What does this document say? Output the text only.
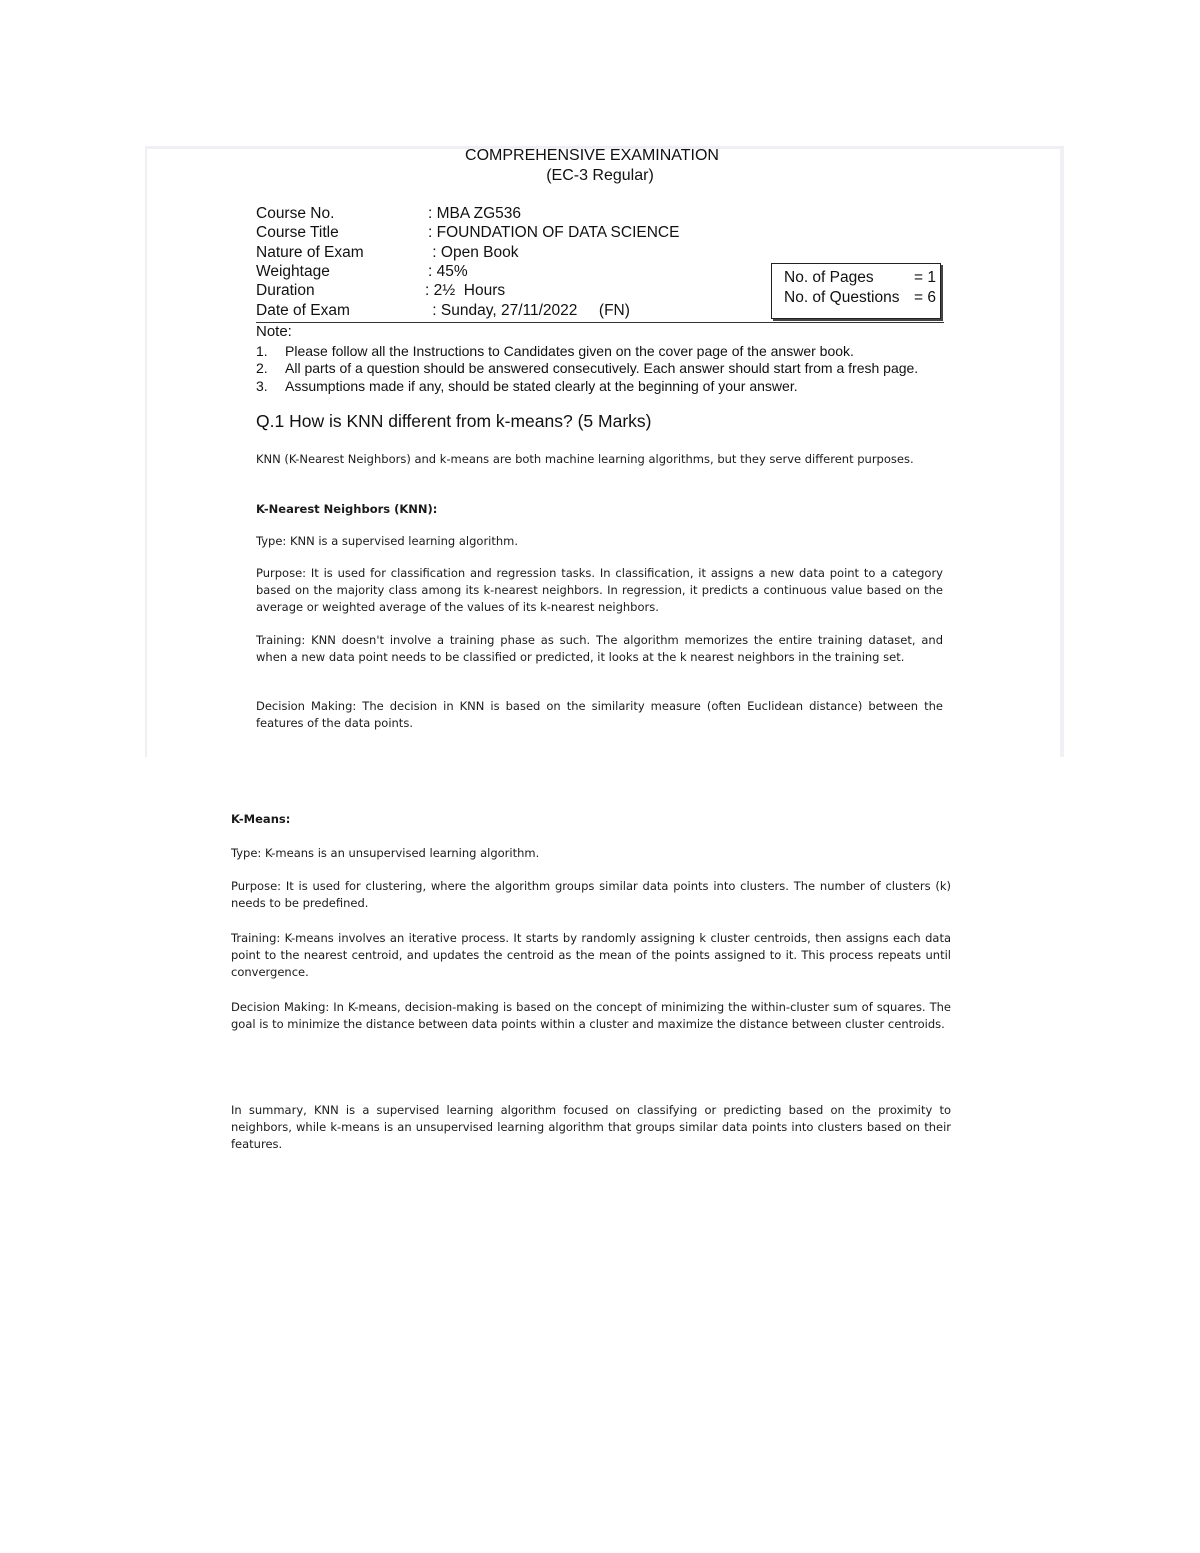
COMPREHENSIVE EXAMINATION
(EC-3 Regular)
Course No.	: MBA ZG536
Course Title	: FOUNDATION OF DATA SCIENCE
Nature of Exam	: Open Book
Weightage	: 45%
Duration	: 2½  Hours
Date of Exam	: Sunday, 27/11/2022     (FN)
No. of Pages	= 1
No. of Questions = 6
Note:
1. Please follow all the Instructions to Candidates given on the cover page of the answer book.
2. All parts of a question should be answered consecutively. Each answer should start from a fresh page.
3. Assumptions made if any, should be stated clearly at the beginning of your answer.
Q.1 How is KNN different from k-means? (5 Marks)
KNN (K-Nearest Neighbors) and k-means are both machine learning algorithms, but they serve different purposes.
K-Nearest Neighbors (KNN):
Type: KNN is a supervised learning algorithm.
Purpose: It is used for classification and regression tasks. In classification, it assigns a new data point to a category based on the majority class among its k-nearest neighbors. In regression, it predicts a continuous value based on the average or weighted average of the values of its k-nearest neighbors.
Training: KNN doesn't involve a training phase as such. The algorithm memorizes the entire training dataset, and when a new data point needs to be classified or predicted, it looks at the k nearest neighbors in the training set.
Decision Making: The decision in KNN is based on the similarity measure (often Euclidean distance) between the features of the data points.
K-Means:
Type: K-means is an unsupervised learning algorithm.
Purpose: It is used for clustering, where the algorithm groups similar data points into clusters. The number of clusters (k) needs to be predefined.
Training: K-means involves an iterative process. It starts by randomly assigning k cluster centroids, then assigns each data point to the nearest centroid, and updates the centroid as the mean of the points assigned to it. This process repeats until convergence.
Decision Making: In K-means, decision-making is based on the concept of minimizing the within-cluster sum of squares. The goal is to minimize the distance between data points within a cluster and maximize the distance between cluster centroids.
In summary, KNN is a supervised learning algorithm focused on classifying or predicting based on the proximity to neighbors, while k-means is an unsupervised learning algorithm that groups similar data points into clusters based on their features.
